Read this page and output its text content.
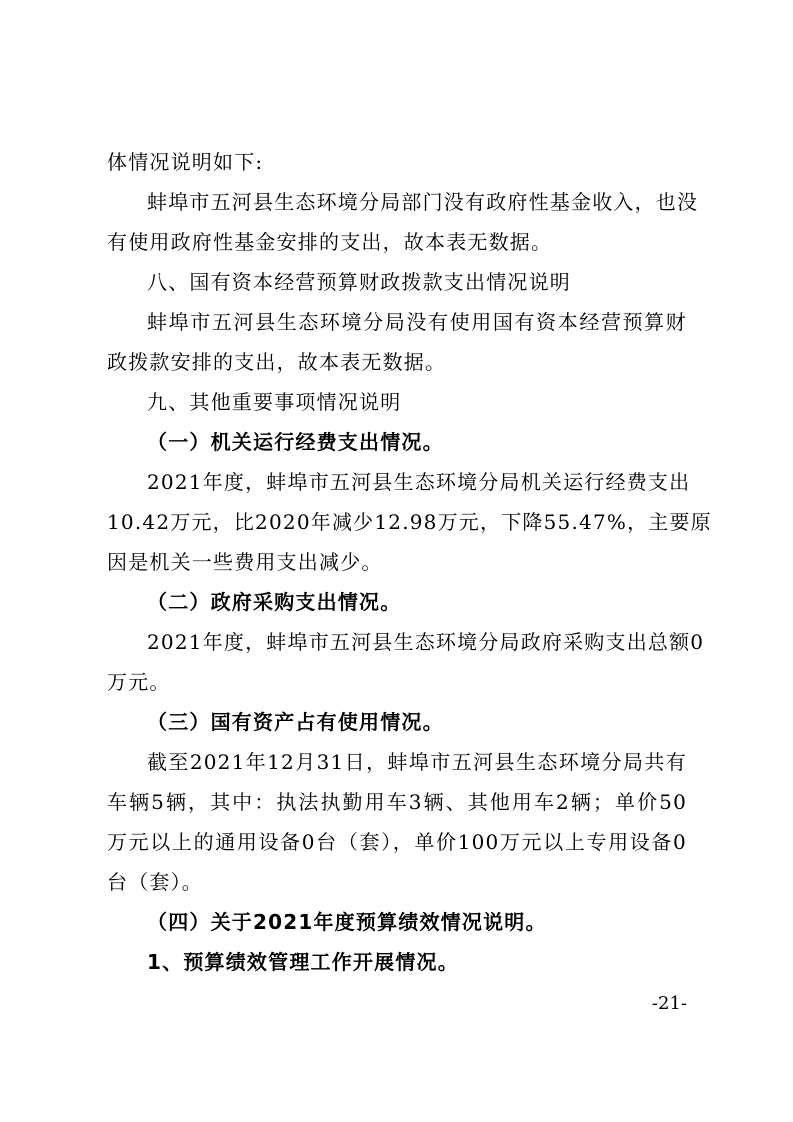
体情况说明如下:
蚌埠市五河县生态环境分局部门没有政府性基金收入，也没
有使用政府性基金安排的支出，故本表无数据。
八、国有资本经营预算财政拨款支出情况说明
蚌埠市五河县生态环境分局没有使用国有资本经营预算财
政拨款安排的支出，故本表无数据。
九、其他重要事项情况说明
（一）机关运行经费支出情况。
2021年度，蚌埠市五河县生态环境分局机关运行经费支出
10.42万元，比2020年减少12.98万元，下降55.47%，主要原
因是机关一些费用支出减少。
（二）政府采购支出情况。
2021年度，蚌埠市五河县生态环境分局政府采购支出总额0
万元。
（三）国有资产占有使用情况。
截至2021年12月31日，蚌埠市五河县生态环境分局共有
车辆5辆，其中：执法执勤用车3辆、其他用车2辆；单价50
万元以上的通用设备0台（套），单价100万元以上专用设备0
台（套）。
（四）关于2021年度预算绩效情况说明。
1、预算绩效管理工作开展情况。
-21-
